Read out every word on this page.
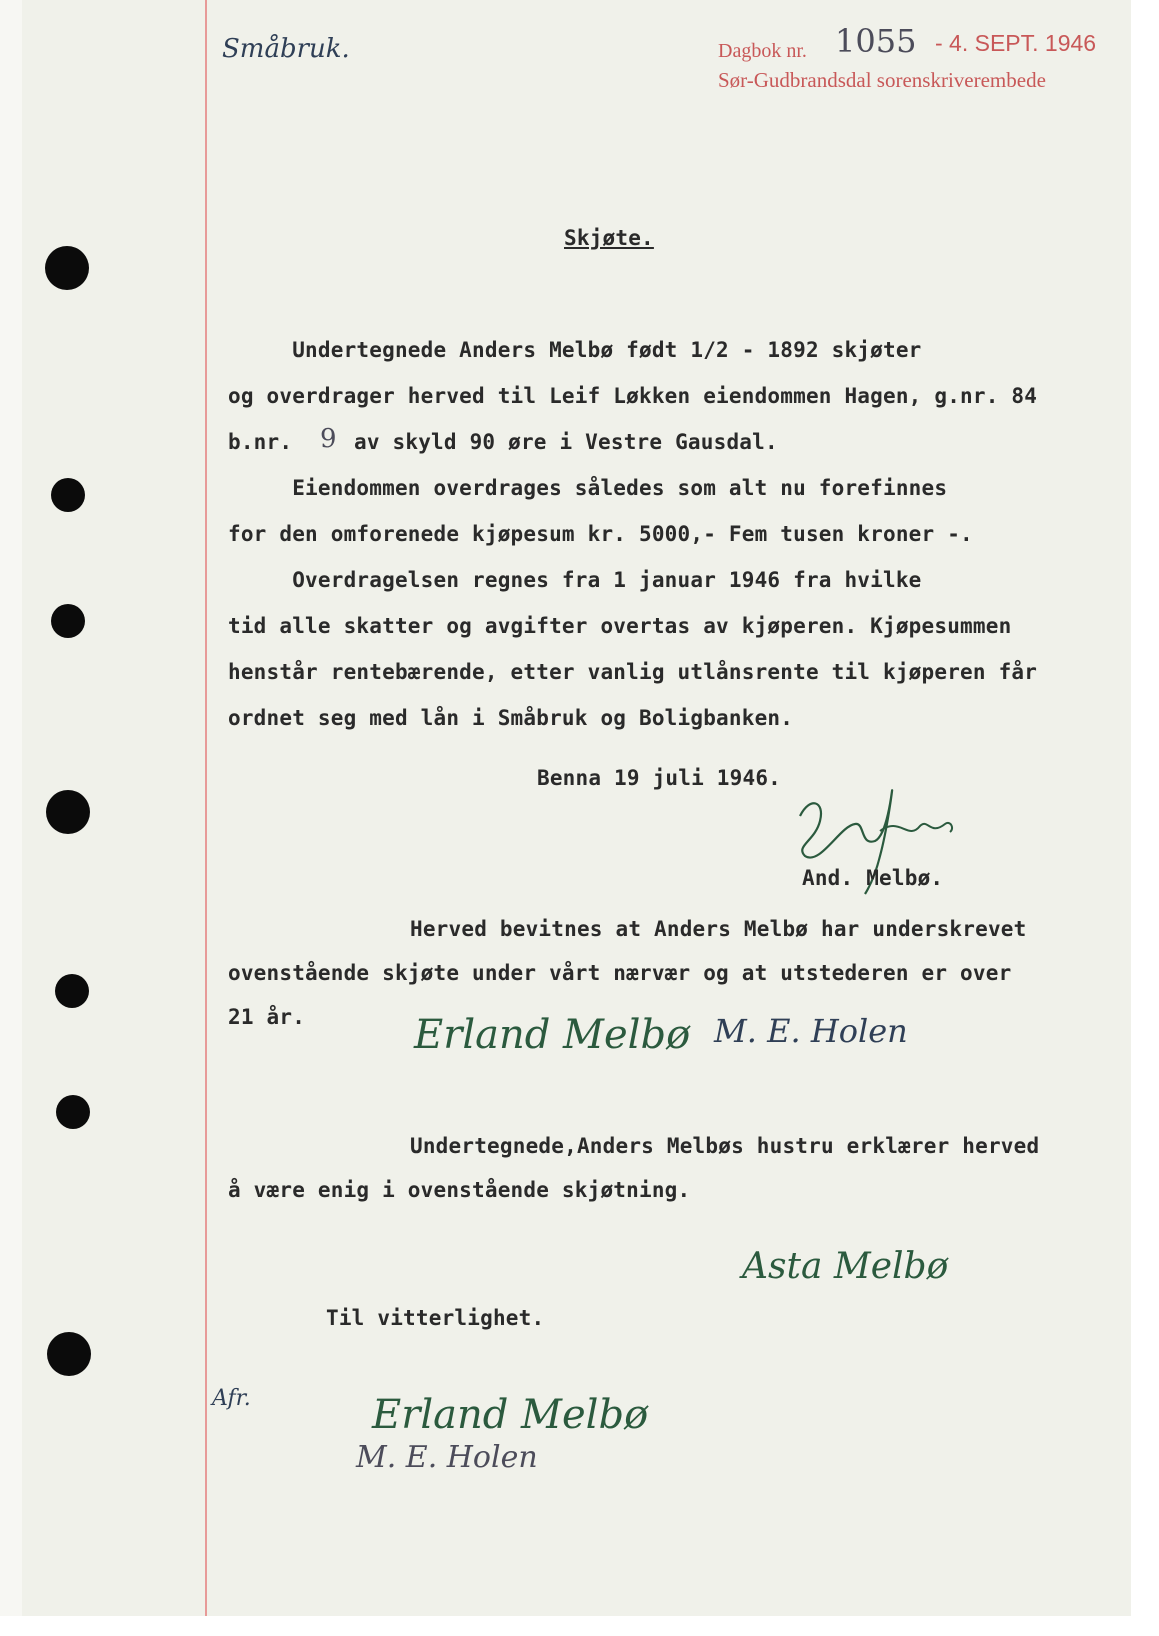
Småbruk.	Dagbok nr. 1055 - 4. SEPT. 1946
Sør-Gudbrandsdal sorenskriverembede
Skjøte.
Undertegnede Anders Melbø født 1/2 - 1892 skjøter
og overdrager herved til Leif Løkken eiendommen Hagen, g.nr. 84
b.nr. 9 av skyld 90 øre i Vestre Gausdal.
Eiendommen overdrages således som alt nu forefinnes
for den omforenede kjøpesum kr. 5000,- Fem tusen kroner -.
Overdragelsen regnes fra 1 januar 1946 fra hvilke
tid alle skatter og avgifter overtas av kjøperen. Kjøpesummen
henstår rentebærende, etter vanlig utlånsrente til kjøperen får
ordnet seg med lån i Småbruk og Boligbanken.
Benna 19 juli 1946.
And. Melbø.
Herved bevitnes at Anders Melbø har underskrevet
ovenstående skjøte under vårt nærvær og at utstederen er over
21 år.	Erland Melbø M. E. Holen
Undertegnede,Anders Melbøs hustru erklærer herved
å være enig i ovenstående skjøtning.
Asta Melbø
Til vitterlighet.
Afr.	Erland Melbø
M. E. Holen
